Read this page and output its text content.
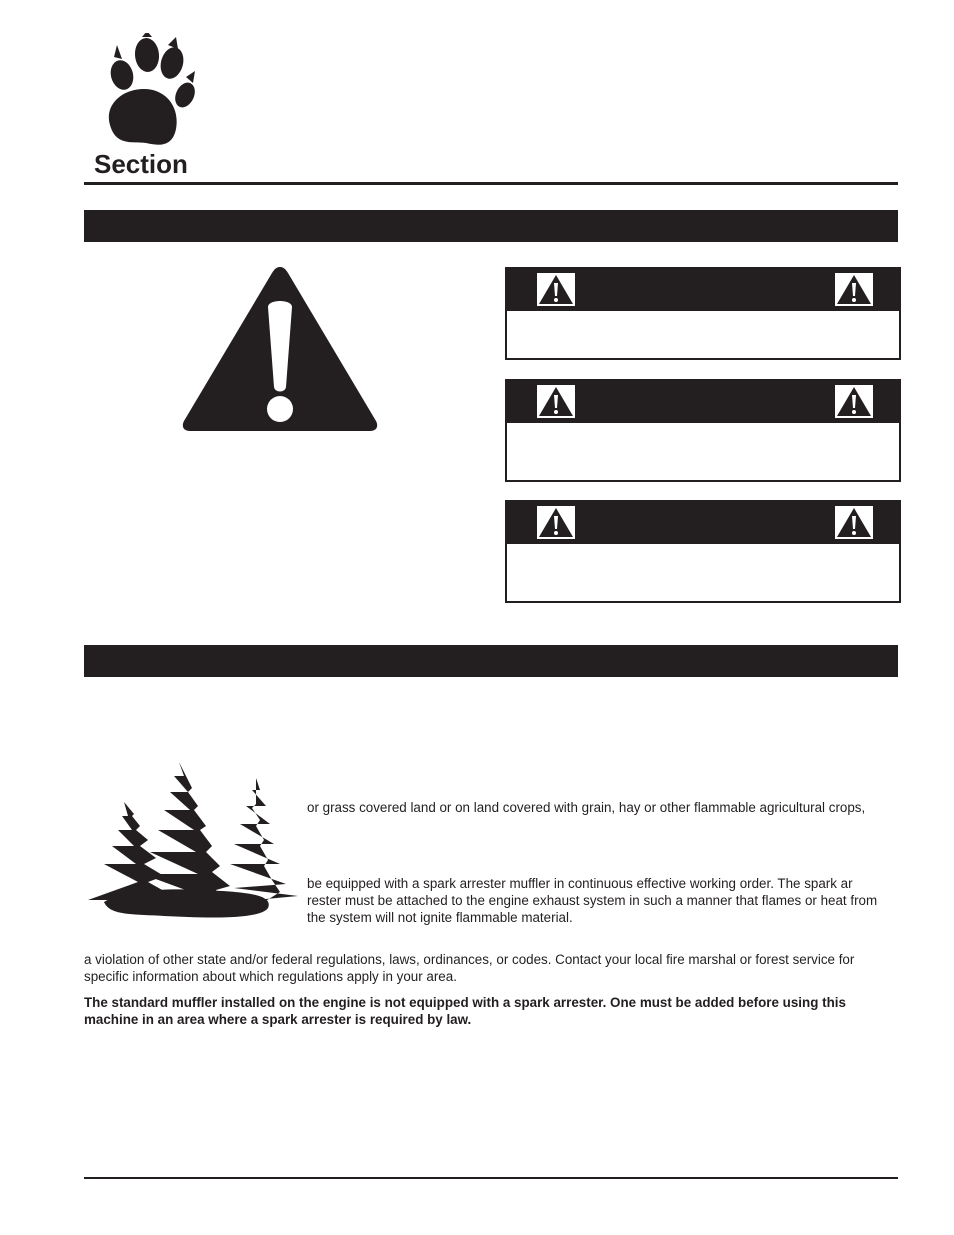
Section
or grass covered land or on land covered with grain, hay or other flammable agricultural crops,
be equipped with a spark arrester muffler in continuous effective working order. The spark ar
rester must be attached to the engine exhaust system in such a manner that flames or heat from
the system will not ignite flammable material.
a violation of other state and/or federal regulations, laws, ordinances, or codes. Contact your local fire marshal or forest service for
specific information about which regulations apply in your area.
The standard muffler installed on the engine is not equipped with a spark arrester. One must be added before using this
machine in an area where a spark arrester is required by law.
